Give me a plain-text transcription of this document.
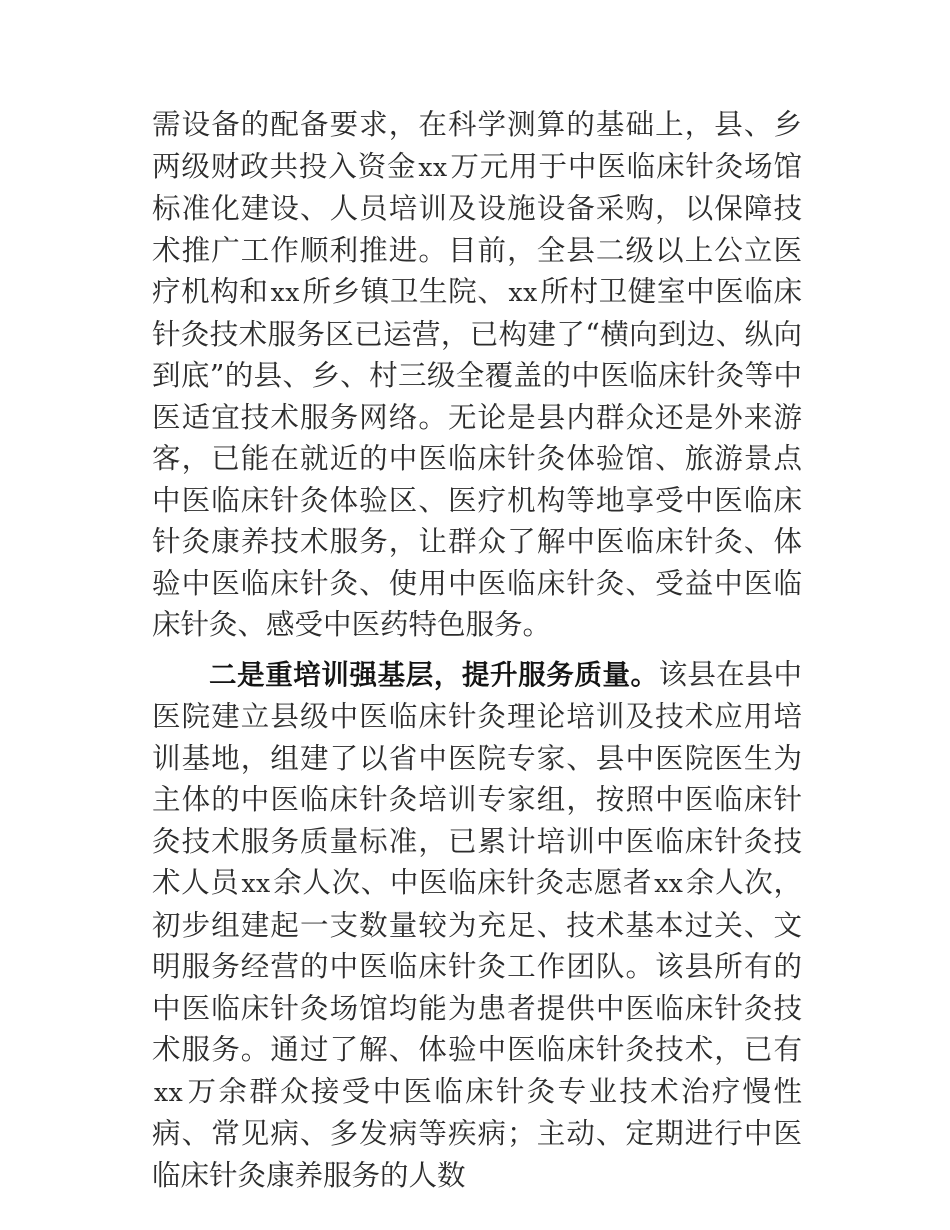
需设备的配备要求，在科学测算的基础上，县、乡两级财政共投入资金xx万元用于中医临床针灸场馆标准化建设、人员培训及设施设备采购，以保障技术推广工作顺利推进。目前，全县二级以上公立医疗机构和xx所乡镇卫生院、xx所村卫健室中医临床针灸技术服务区已运营，已构建了“横向到边、纵向到底”的县、乡、村三级全覆盖的中医临床针灸等中医适宜技术服务网络。无论是县内群众还是外来游客，已能在就近的中医临床针灸体验馆、旅游景点中医临床针灸体验区、医疗机构等地享受中医临床针灸康养技术服务，让群众了解中医临床针灸、体验中医临床针灸、使用中医临床针灸、受益中医临床针灸、感受中医药特色服务。

二是重培训强基层，提升服务质量。该县在县中医院建立县级中医临床针灸理论培训及技术应用培训基地，组建了以省中医院专家、县中医院医生为主体的中医临床针灸培训专家组，按照中医临床针灸技术服务质量标准，已累计培训中医临床针灸技术人员xx余人次、中医临床针灸志愿者xx余人次，初步组建起一支数量较为充足、技术基本过关、文明服务经营的中医临床针灸工作团队。该县所有的中医临床针灸场馆均能为患者提供中医临床针灸技术服务。通过了解、体验中医临床针灸技术，已有xx万余群众接受中医临床针灸专业技术治疗慢性病、常见病、多发病等疾病；主动、定期进行中医临床针灸康养服务的人数
